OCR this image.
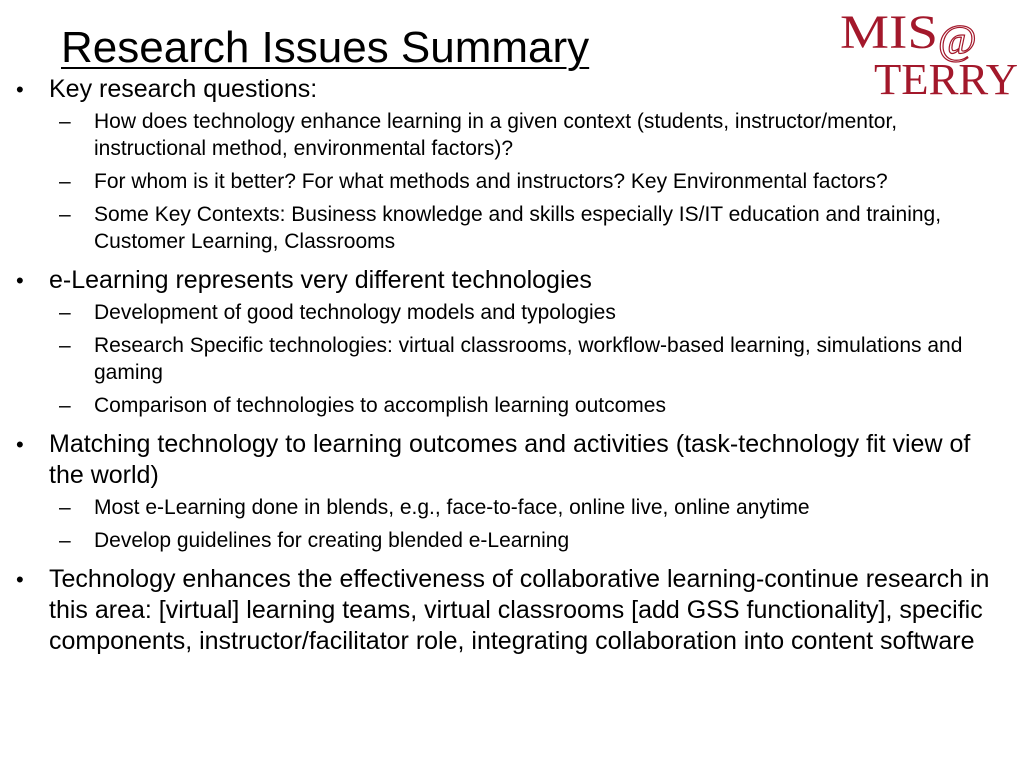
Research Issues Summary	MIS @
TERRY
•	Key research questions:
–	How does technology enhance learning in a given context (students, instructor/mentor, instructional method, environmental factors)?
–	For whom is it better? For what methods and instructors? Key Environmental factors?
–	Some Key Contexts: Business knowledge and skills especially IS/IT education and training, Customer Learning, Classrooms
•	e-Learning represents very different technologies
–	Development of good technology models and typologies
–	Research Specific technologies: virtual classrooms, workflow-based learning, simulations and gaming
–	Comparison of technologies to accomplish learning outcomes
•	Matching technology to learning outcomes and activities (task-technology fit view of the world)
–	Most e-Learning done in blends, e.g., face-to-face, online live, online anytime
–	Develop guidelines for creating blended e-Learning
•	Technology enhances the effectiveness of collaborative learning-continue research in this area: [virtual] learning teams, virtual classrooms [add GSS functionality], specific components, instructor/facilitator role, integrating collaboration into content software
